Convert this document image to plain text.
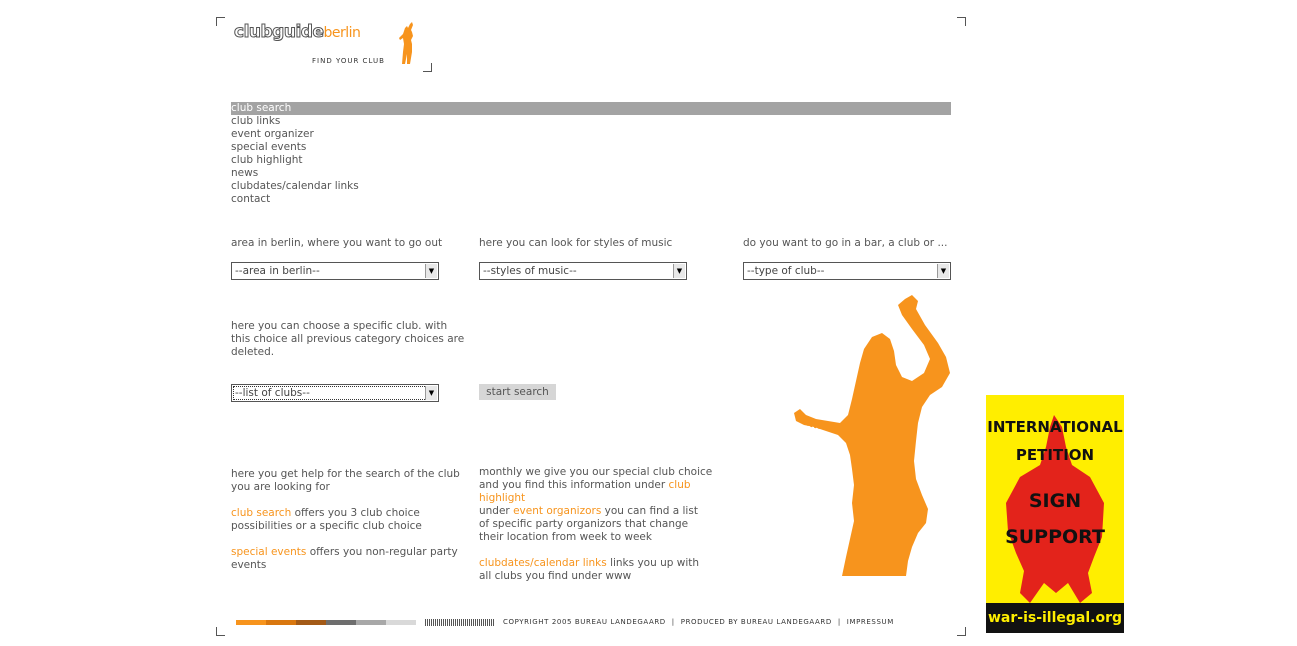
clubguideberlin
FIND YOUR CLUB
club search
club links
event organizer
special events
club highlight
news
clubdates/calendar links
contact
area in berlin, where you want to go out
--area in berlin--	▼
here you can look for styles of music
--styles of music--	▼
do you want to go in a bar, a club or ...
--type of club--	▼
here you can choose a specific club. with this choice all previous category choices are deleted.
--list of clubs--	▼	start search
here you get help for the search of the club you are looking for
club search offers you 3 club choice possibilities or a specific club choice
special events offers you non-regular party events
monthly we give you our special club choice and you find this information under club highlight
under event organizors you can find a list of specific party organizors that change their location from week to week
clubdates/calendar links links you up with all clubs you find under www
INTERNATIONAL
PETITION
SIGN
SUPPORT
war-is-illegal.org
COPYRIGHT 2005 BUREAU LANDEGAARD | PRODUCED BY BUREAU LANDEGAARD | IMPRESSUM
